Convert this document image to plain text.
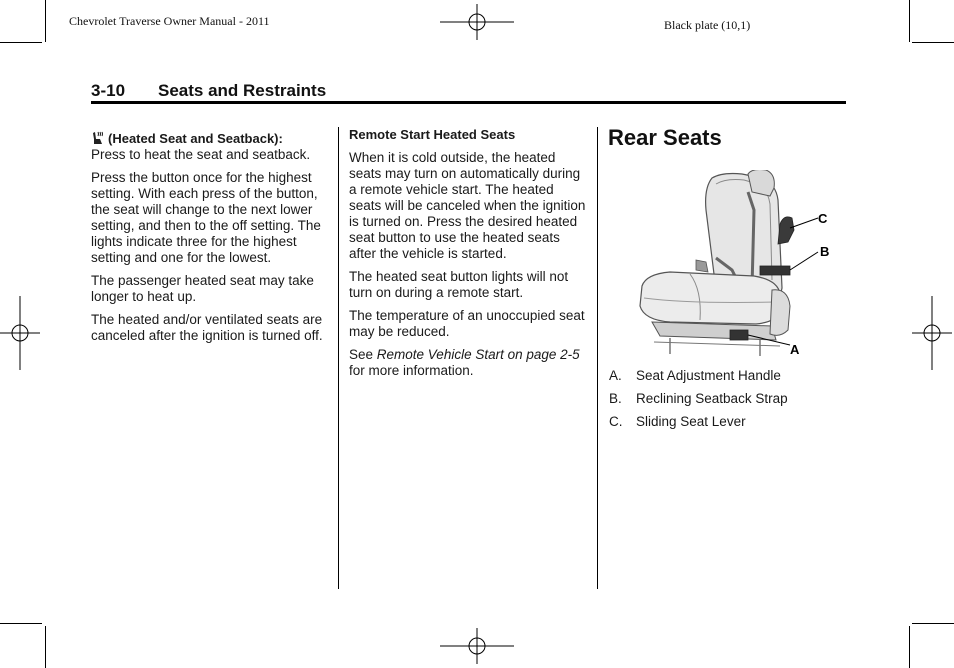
Chevrolet Traverse Owner Manual - 2011	Black plate (10,1)
3-10 Seats and Restraints

(Heated Seat and Seatback):
Press to heat the seat and seatback.

Press the button once for the highest setting. With each press of the button, the seat will change to the next lower setting, and then to the off setting. The lights indicate three for the highest setting and one for the lowest.

The passenger heated seat may take longer to heat up.

The heated and/or ventilated seats are canceled after the ignition is turned off.

Remote Start Heated Seats

When it is cold outside, the heated seats may turn on automatically during a remote vehicle start. The heated seats will be canceled when the ignition is turned on. Press the desired heated seat button to use the heated seats after the vehicle is started.

The heated seat button lights will not turn on during a remote start.

The temperature of an unoccupied seat may be reduced.

See Remote Vehicle Start on page 2-5 for more information.

Rear Seats
C
B
A
A.	Seat Adjustment Handle
B.	Reclining Seatback Strap
C.	Sliding Seat Lever
